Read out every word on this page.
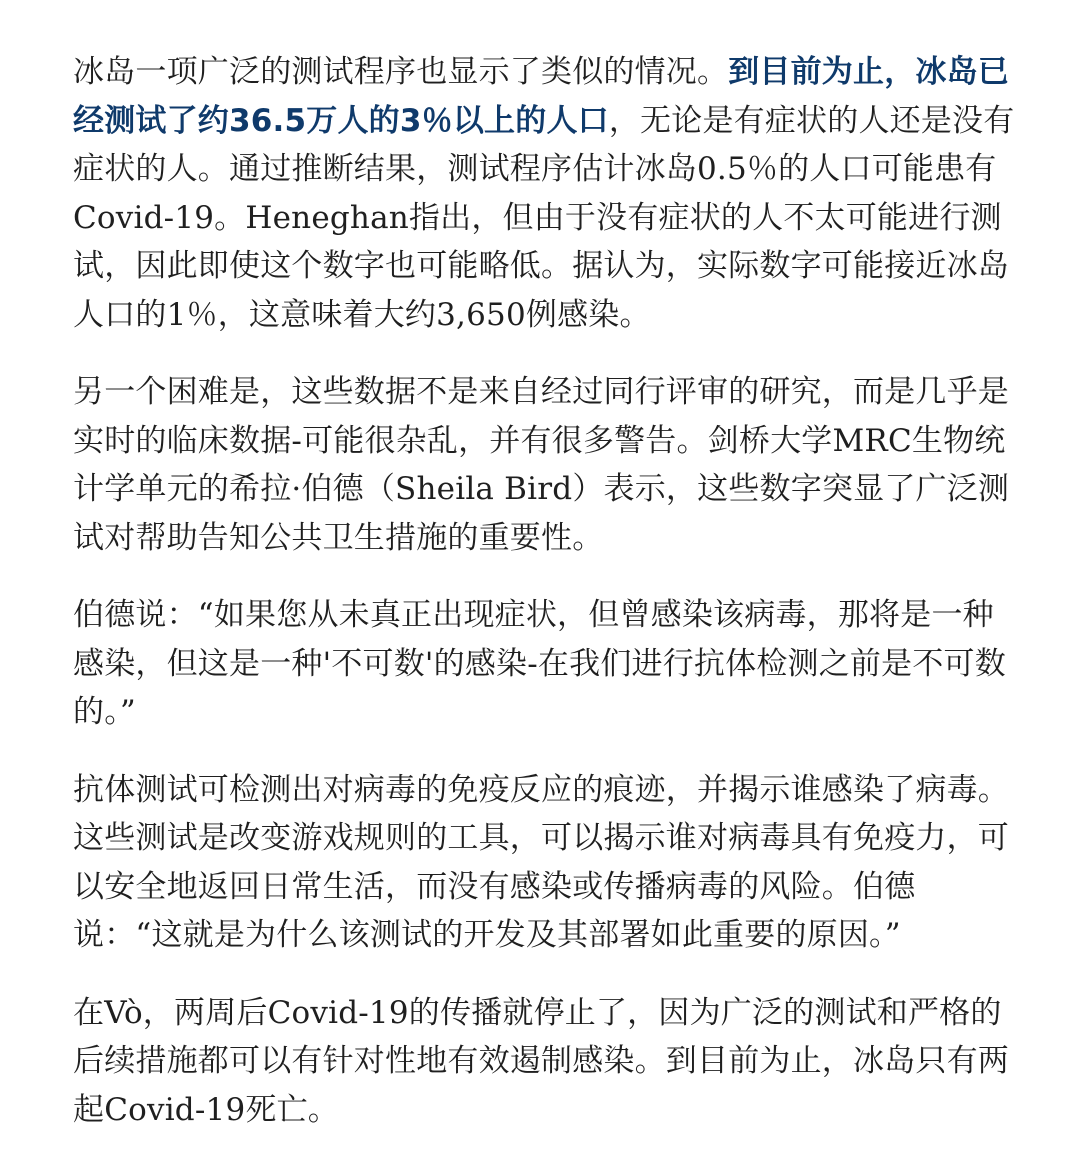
冰岛一项广泛的测试程序也显示了类似的情况。到目前为止，冰岛已经测试了约36.5万人的3％以上的人口，无论是有症状的人还是没有症状的人。通过推断结果，测试程序估计冰岛0.5％的人口可能患有Covid-19。Heneghan指出，但由于没有症状的人不太可能进行测试，因此即使这个数字也可能略低。据认为，实际数字可能接近冰岛人口的1％，这意味着大约3,650例感染。

另一个困难是，这些数据不是来自经过同行评审的研究，而是几乎是实时的临床数据-可能很杂乱，并有很多警告。剑桥大学MRC生物统计学单元的希拉·伯德（Sheila Bird）表示，这些数字突显了广泛测试对帮助告知公共卫生措施的重要性。

伯德说：“如果您从未真正出现症状，但曾感染该病毒，那将是一种感染，但这是一种'不可数'的感染-在我们进行抗体检测之前是不可数的。”

抗体测试可检测出对病毒的免疫反应的痕迹，并揭示谁感染了病毒。这些测试是改变游戏规则的工具，可以揭示谁对病毒具有免疫力，可以安全地返回日常生活，而没有感染或传播病毒的风险。伯德说：“这就是为什么该测试的开发及其部署如此重要的原因。”

在Vò，两周后Covid-19的传播就停止了，因为广泛的测试和严格的后续措施都可以有针对性地有效遏制感染。到目前为止，冰岛只有两起Covid-19死亡。
